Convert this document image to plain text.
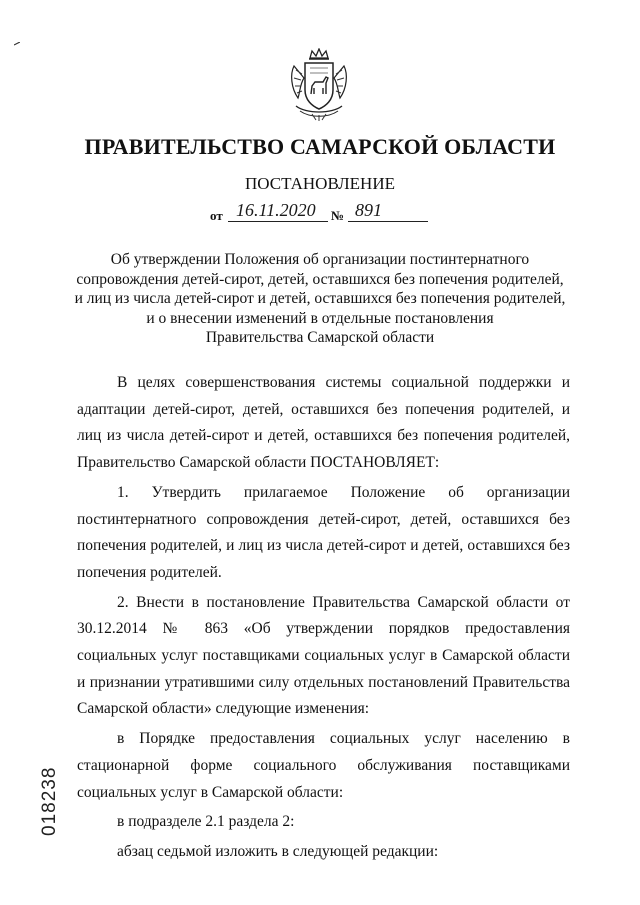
ПРАВИТЕЛЬСТВО САМАРСКОЙ ОБЛАСТИ
ПОСТАНОВЛЕНИЕ
от 16.11.2020 № 891
Об утверждении Положения об организации постинтернатного
сопровождения детей-сирот, детей, оставшихся без попечения родителей,
и лиц из числа детей-сирот и детей, оставшихся без попечения родителей,
и о внесении изменений в отдельные постановления
Правительства Самарской области

В целях совершенствования системы социальной поддержки и адаптации детей-сирот, детей, оставшихся без попечения родителей, и лиц из числа детей-сирот и детей, оставшихся без попечения родителей, Правительство Самарской области ПОСТАНОВЛЯЕТ:

1. Утвердить прилагаемое Положение об организации постинтернатного сопровождения детей-сирот, детей, оставшихся без попечения родителей, и лиц из числа детей-сирот и детей, оставшихся без попечения родителей.

2. Внести в постановление Правительства Самарской области от 30.12.2014 № 863 «Об утверждении порядков предоставления социальных услуг поставщиками социальных услуг в Самарской области и признании утратившими силу отдельных постановлений Правительства Самарской области» следующие изменения:

в Порядке предоставления социальных услуг населению в стационарной форме социального обслуживания поставщиками социальных услуг в Самарской области:

в подразделе 2.1 раздела 2:

абзац седьмой изложить в следующей редакции:

018238
